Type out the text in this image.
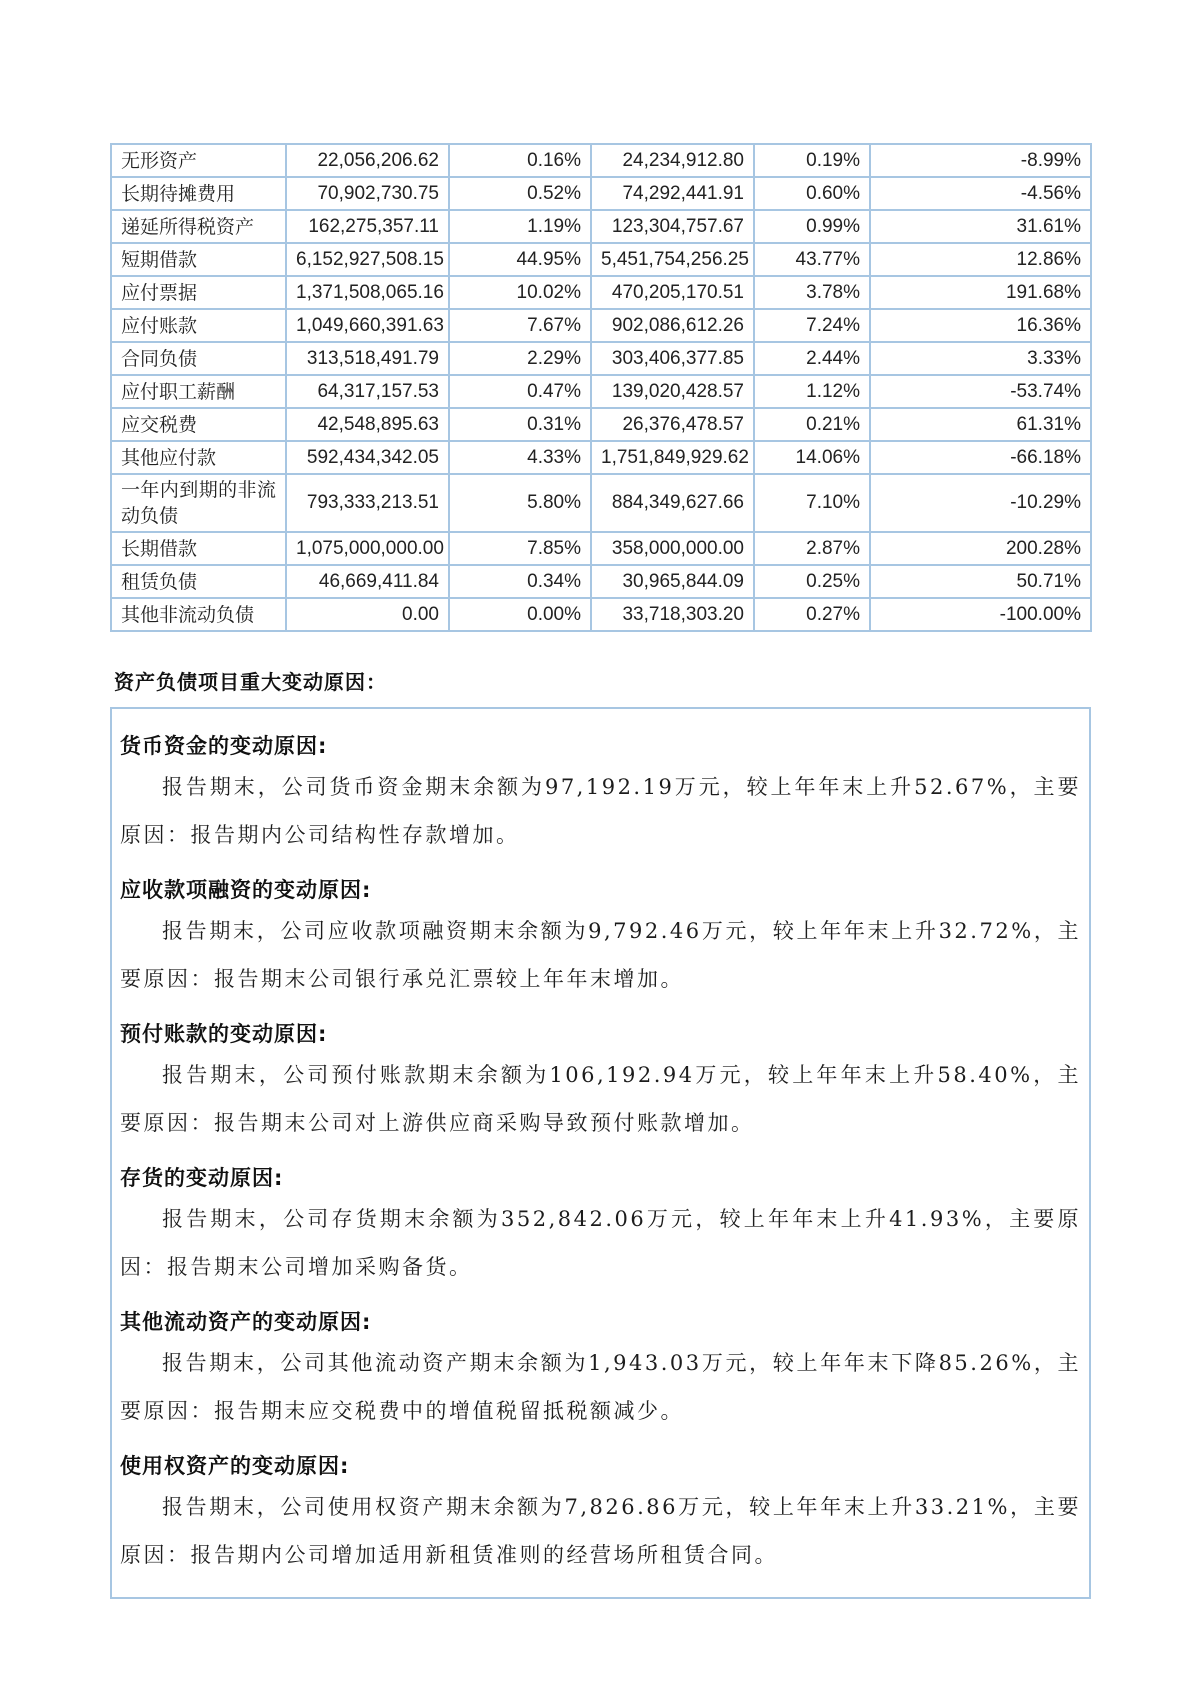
无形资产	22,056,206.62	0.16%	24,234,912.80	0.19%	-8.99%
长期待摊费用	70,902,730.75	0.52%	74,292,441.91	0.60%	-4.56%
递延所得税资产	162,275,357.11	1.19%	123,304,757.67	0.99%	31.61%
短期借款	6,152,927,508.15	44.95%	5,451,754,256.25	43.77%	12.86%
应付票据	1,371,508,065.16	10.02%	470,205,170.51	3.78%	191.68%
应付账款	1,049,660,391.63	7.67%	902,086,612.26	7.24%	16.36%
合同负债	313,518,491.79	2.29%	303,406,377.85	2.44%	3.33%
应付职工薪酬	64,317,157.53	0.47%	139,020,428.57	1.12%	-53.74%
应交税费	42,548,895.63	0.31%	26,376,478.57	0.21%	61.31%
其他应付款	592,434,342.05	4.33%	1,751,849,929.62	14.06%	-66.18%
一年内到期的非流动负债	793,333,213.51	5.80%	884,349,627.66	7.10%	-10.29%
长期借款	1,075,000,000.00	7.85%	358,000,000.00	2.87%	200.28%
租赁负债	46,669,411.84	0.34%	30,965,844.09	0.25%	50.71%
其他非流动负债	0.00	0.00%	33,718,303.20	0.27%	-100.00%
资产负债项目重大变动原因：
货币资金的变动原因:

报告期末，公司货币资金期末余额为97,192.19万元，较上年年末上升52.67%，主要原因：报告期内公司结构性存款增加。

应收款项融资的变动原因:

报告期末，公司应收款项融资期末余额为9,792.46万元，较上年年末上升32.72%，主要原因：报告期末公司银行承兑汇票较上年年末增加。

预付账款的变动原因:

报告期末，公司预付账款期末余额为106,192.94万元，较上年年末上升58.40%，主要原因：报告期末公司对上游供应商采购导致预付账款增加。

存货的变动原因:

报告期末，公司存货期末余额为352,842.06万元，较上年年末上升41.93%，主要原因：报告期末公司增加采购备货。

其他流动资产的变动原因:

报告期末，公司其他流动资产期末余额为1,943.03万元，较上年年末下降85.26%，主要原因：报告期末应交税费中的增值税留抵税额减少。

使用权资产的变动原因:

报告期末，公司使用权资产期末余额为7,826.86万元，较上年年末上升33.21%，主要原因：报告期内公司增加适用新租赁准则的经营场所租赁合同。
